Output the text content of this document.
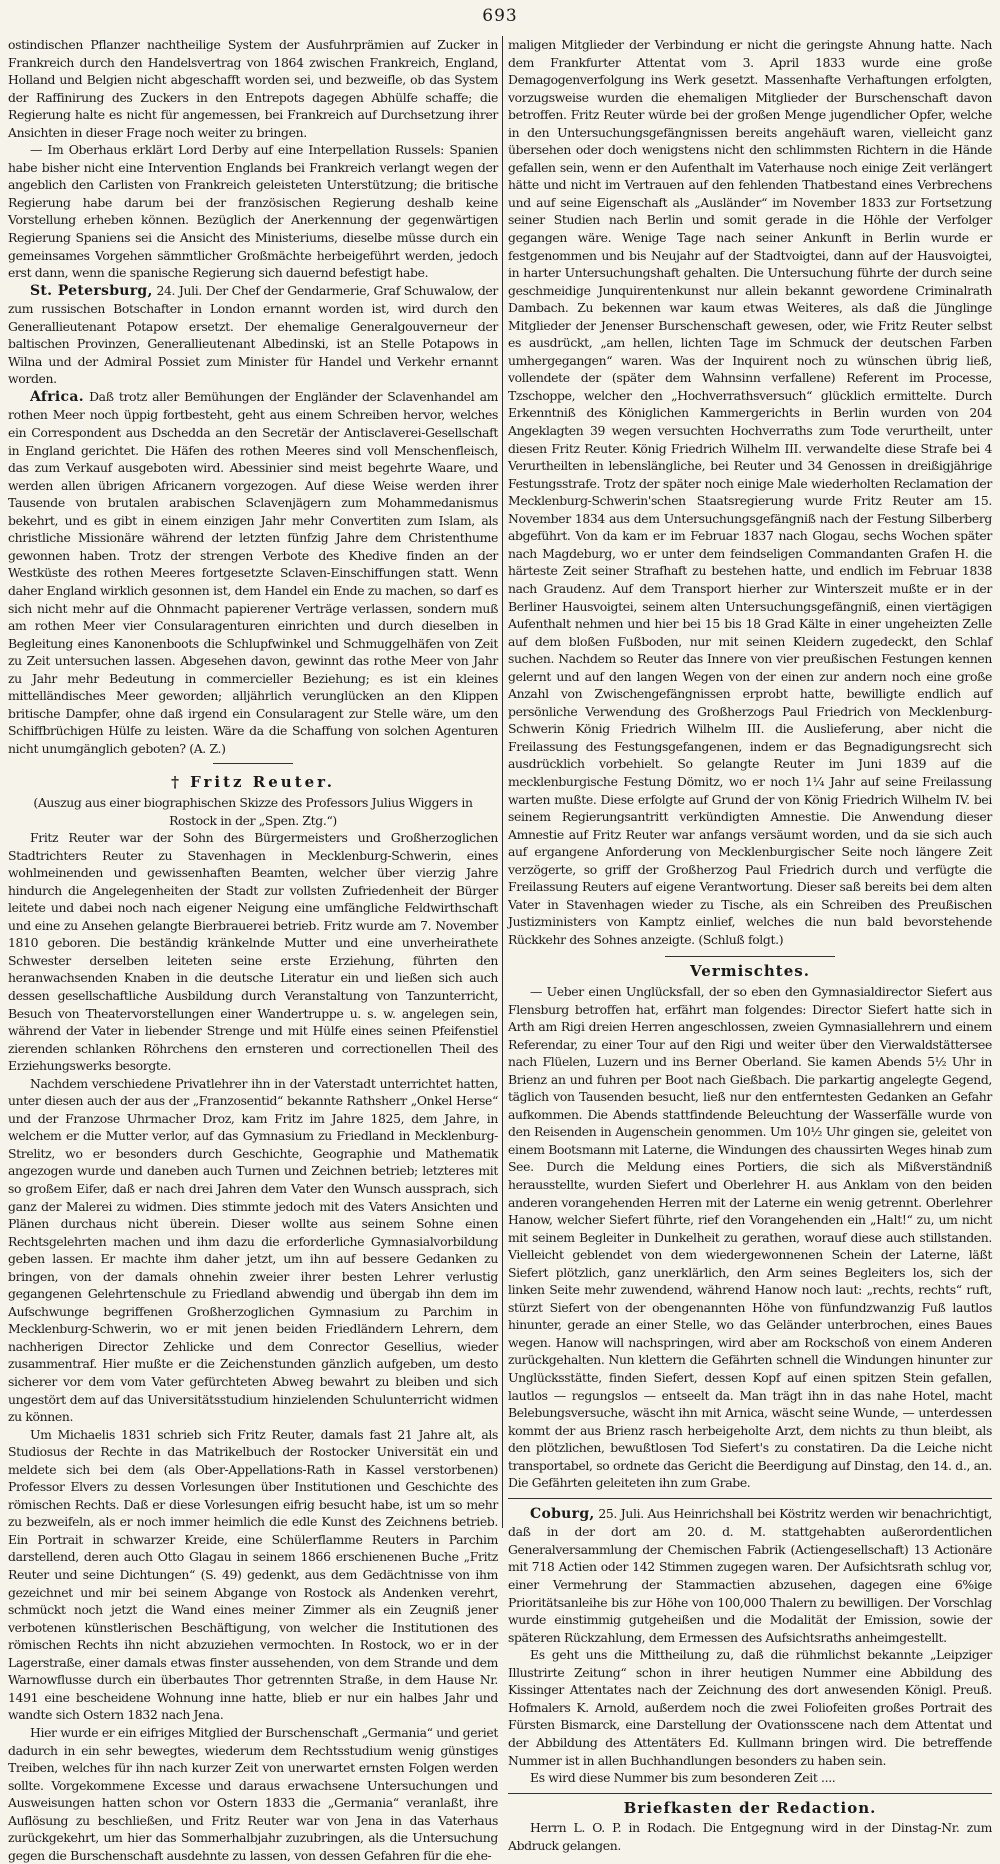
693

ostindischen Pflanzer nachtheilige System der Ausfuhrprämien auf Zucker in Frankreich durch den Handelsvertrag von 1864 zwischen Frankreich, England, Holland und Belgien nicht abgeschafft worden sei, und bezweifle, ob das System der Raffinirung des Zuckers in den Entrepots dagegen Abhülfe schaffe; die Regierung halte es nicht für angemessen, bei Frankreich auf Durchsetzung ihrer Ansichten in dieser Frage noch weiter zu bringen.

— Im Oberhaus erklärt Lord Derby auf eine Interpellation Russels: Spanien habe bisher nicht eine Intervention Englands bei Frankreich verlangt wegen der angeblich den Carlisten von Frankreich geleisteten Unterstützung; die britische Regierung habe darum bei der französischen Regierung deshalb keine Vorstellung erheben können. Bezüglich der Anerkennung der gegenwärtigen Regierung Spaniens sei die Ansicht des Ministeriums, dieselbe müsse durch ein gemeinsames Vorgehen sämmtlicher Großmächte herbeigeführt werden, jedoch erst dann, wenn die spanische Regierung sich dauernd befestigt habe.

St. Petersburg, 24. Juli. Der Chef der Gendarmerie, Graf Schuwalow, der zum russischen Botschafter in London ernannt worden ist, wird durch den Generallieutenant Potapow ersetzt. Der ehemalige Generalgouverneur der baltischen Provinzen, Generallieutenant Albedinski, ist an Stelle Potapows in Wilna und der Admiral Possiet zum Minister für Handel und Verkehr ernannt worden.

Africa. Daß trotz aller Bemühungen der Engländer der Sclavenhandel am rothen Meer noch üppig fortbesteht, geht aus einem Schreiben hervor, welches ein Correspondent aus Dschedda an den Secretär der Antisclaverei-Gesellschaft in England gerichtet. Die Häfen des rothen Meeres sind voll Menschenfleisch, das zum Verkauf ausgeboten wird. Abessinier sind meist begehrte Waare, und werden allen übrigen Africanern vorgezogen. Auf diese Weise werden ihrer Tausende von brutalen arabischen Sclavenjägern zum Mohammedanismus bekehrt, und es gibt in einem einzigen Jahr mehr Convertiten zum Islam, als christliche Missionäre während der letzten fünfzig Jahre dem Christenthume gewonnen haben. Trotz der strengen Verbote des Khedive finden an der Westküste des rothen Meeres fortgesetzte Sclaven-Einschiffungen statt. Wenn daher England wirklich gesonnen ist, dem Handel ein Ende zu machen, so darf es sich nicht mehr auf die Ohnmacht papierener Verträge verlassen, sondern muß am rothen Meer vier Consularagenturen einrichten und durch dieselben in Begleitung eines Kanonenboots die Schlupfwinkel und Schmuggelhäfen von Zeit zu Zeit untersuchen lassen. Abgesehen davon, gewinnt das rothe Meer von Jahr zu Jahr mehr Bedeutung in commercieller Beziehung; es ist ein kleines mittelländisches Meer geworden; alljährlich verunglücken an den Klippen britische Dampfer, ohne daß irgend ein Consularagent zur Stelle wäre, um den Schiffbrüchigen Hülfe zu leisten. Wäre da die Schaffung von solchen Agenturen nicht unumgänglich geboten? (A. Z.)

† Fritz Reuter.

(Auszug aus einer biographischen Skizze des Professors Julius Wiggers in Rostock in der „Spen. Ztg.“)

Fritz Reuter war der Sohn des Bürgermeisters und Großherzoglichen Stadtrichters Reuter zu Stavenhagen in Mecklenburg-Schwerin, eines wohlmeinenden und gewissenhaften Beamten, welcher über vierzig Jahre hindurch die Angelegenheiten der Stadt zur vollsten Zufriedenheit der Bürger leitete und dabei noch nach eigener Neigung eine umfängliche Feldwirthschaft und eine zu Ansehen gelangte Bierbrauerei betrieb. Fritz wurde am 7. November 1810 geboren. Die beständig kränkelnde Mutter und eine unverheirathete Schwester derselben leiteten seine erste Erziehung, führten den heranwachsenden Knaben in die deutsche Literatur ein und ließen sich auch dessen gesellschaftliche Ausbildung durch Veranstaltung von Tanzunterricht, Besuch von Theatervorstellungen einer Wandertruppe u. s. w. angelegen sein, während der Vater in liebender Strenge und mit Hülfe eines seinen Pfeifenstiel zierenden schlanken Röhrchens den ernsteren und correctionellen Theil des Erziehungswerks besorgte.

Nachdem verschiedene Privatlehrer ihn in der Vaterstadt unterrichtet hatten, unter diesen auch der aus der „Franzosentid“ bekannte Rathsherr „Onkel Herse“ und der Franzose Uhrmacher Droz, kam Fritz im Jahre 1825, dem Jahre, in welchem er die Mutter verlor, auf das Gymnasium zu Friedland in Mecklenburg-Strelitz, wo er besonders durch Geschichte, Geographie und Mathematik angezogen wurde und daneben auch Turnen und Zeichnen betrieb; letzteres mit so großem Eifer, daß er nach drei Jahren dem Vater den Wunsch aussprach, sich ganz der Malerei zu widmen. Dies stimmte jedoch mit des Vaters Ansichten und Plänen durchaus nicht überein. Dieser wollte aus seinem Sohne einen Rechtsgelehrten machen und ihm dazu die erforderliche Gymnasialvorbildung geben lassen. Er machte ihm daher jetzt, um ihn auf bessere Gedanken zu bringen, von der damals ohnehin zweier ihrer besten Lehrer verlustig gegangenen Gelehrtenschule zu Friedland abwendig und übergab ihn dem im Aufschwunge begriffenen Großherzoglichen Gymnasium zu Parchim in Mecklenburg-Schwerin, wo er mit jenen beiden Friedländern Lehrern, dem nachherigen Director Zehlicke und dem Conrector Gesellius, wieder zusammentraf. Hier mußte er die Zeichenstunden gänzlich aufgeben, um desto sicherer vor dem vom Vater gefürchteten Abweg bewahrt zu bleiben und sich ungestört dem auf das Universitätsstudium hinzielenden Schulunterricht widmen zu können.

Um Michaelis 1831 schrieb sich Fritz Reuter, damals fast 21 Jahre alt, als Studiosus der Rechte in das Matrikelbuch der Rostocker Universität ein und meldete sich bei dem (als Ober-Appellations-Rath in Kassel verstorbenen) Professor Elvers zu dessen Vorlesungen über Institutionen und Geschichte des römischen Rechts. Daß er diese Vorlesungen eifrig besucht habe, ist um so mehr zu bezweifeln, als er noch immer heimlich die edle Kunst des Zeichnens betrieb. Ein Portrait in schwarzer Kreide, eine Schülerflamme Reuters in Parchim darstellend, deren auch Otto Glagau in seinem 1866 erschienenen Buche „Fritz Reuter und seine Dichtungen“ (S. 49) gedenkt, aus dem Gedächtnisse von ihm gezeichnet und mir bei seinem Abgange von Rostock als Andenken verehrt, schmückt noch jetzt die Wand eines meiner Zimmer als ein Zeugniß jener verbotenen künstlerischen Beschäftigung, von welcher die Institutionen des römischen Rechts ihn nicht abzuziehen vermochten. In Rostock, wo er in der Lagerstraße, einer damals etwas finster aussehenden, von dem Strande und dem Warnowflusse durch ein überbautes Thor getrennten Straße, in dem Hause Nr. 1491 eine bescheidene Wohnung inne hatte, blieb er nur ein halbes Jahr und wandte sich Ostern 1832 nach Jena.

Hier wurde er ein eifriges Mitglied der Burschenschaft „Germania“ und geriet dadurch in ein sehr bewegtes, wiederum dem Rechtsstudium wenig günstiges Treiben, welches für ihn nach kurzer Zeit von unerwartet ernsten Folgen werden sollte. Vorgekommene Excesse und daraus erwachsene Untersuchungen und Ausweisungen hatten schon vor Ostern 1833 die „Germania“ veranlaßt, ihre Auflösung zu beschließen, und Fritz Reuter war von Jena in das Vaterhaus zurückgekehrt, um hier das Sommerhalbjahr zuzubringen, als die Untersuchung gegen die Burschenschaft ausdehnte zu lassen, von dessen Gefahren für die ehe-

maligen Mitglieder der Verbindung er nicht die geringste Ahnung hatte. Nach dem Frankfurter Attentat vom 3. April 1833 wurde eine große Demagogenverfolgung ins Werk gesetzt. Massenhafte Verhaftungen erfolgten, vorzugsweise wurden die ehemaligen Mitglieder der Burschenschaft davon betroffen. Fritz Reuter würde bei der großen Menge jugendlicher Opfer, welche in den Untersuchungsgefängnissen bereits angehäuft waren, vielleicht ganz übersehen oder doch wenigstens nicht den schlimmsten Richtern in die Hände gefallen sein, wenn er den Aufenthalt im Vaterhause noch einige Zeit verlängert hätte und nicht im Vertrauen auf den fehlenden Thatbestand eines Verbrechens und auf seine Eigenschaft als „Ausländer“ im November 1833 zur Fortsetzung seiner Studien nach Berlin und somit gerade in die Höhle der Verfolger gegangen wäre. Wenige Tage nach seiner Ankunft in Berlin wurde er festgenommen und bis Neujahr auf der Stadtvoigtei, dann auf der Hausvoigtei, in harter Untersuchungshaft gehalten. Die Untersuchung führte der durch seine geschmeidige Junquirentenkunst nur allein bekannt gewordene Criminalrath Dambach. Zu bekennen war kaum etwas Weiteres, als daß die Jünglinge Mitglieder der Jenenser Burschenschaft gewesen, oder, wie Fritz Reuter selbst es ausdrückt, „am hellen, lichten Tage im Schmuck der deutschen Farben umhergegangen“ waren. Was der Inquirent noch zu wünschen übrig ließ, vollendete der (später dem Wahnsinn verfallene) Referent im Processe, Tzschoppe, welcher den „Hochverrathsversuch“ glücklich ermittelte. Durch Erkenntniß des Königlichen Kammergerichts in Berlin wurden von 204 Angeklagten 39 wegen versuchten Hochverraths zum Tode verurtheilt, unter diesen Fritz Reuter. König Friedrich Wilhelm III. verwandelte diese Strafe bei 4 Verurtheilten in lebenslängliche, bei Reuter und 34 Genossen in dreißigjährige Festungsstrafe. Trotz der später noch einige Male wiederholten Reclamation der Mecklenburg-Schwerin'schen Staatsregierung wurde Fritz Reuter am 15. November 1834 aus dem Untersuchungsgefängniß nach der Festung Silberberg abgeführt. Von da kam er im Februar 1837 nach Glogau, sechs Wochen später nach Magdeburg, wo er unter dem feindseligen Commandanten Grafen H. die härteste Zeit seiner Strafhaft zu bestehen hatte, und endlich im Februar 1838 nach Graudenz. Auf dem Transport hierher zur Winterszeit mußte er in der Berliner Hausvoigtei, seinem alten Untersuchungsgefängniß, einen viertägigen Aufenthalt nehmen und hier bei 15 bis 18 Grad Kälte in einer ungeheizten Zelle auf dem bloßen Fußboden, nur mit seinen Kleidern zugedeckt, den Schlaf suchen. Nachdem so Reuter das Innere von vier preußischen Festungen kennen gelernt und auf den langen Wegen von der einen zur andern noch eine große Anzahl von Zwischengefängnissen erprobt hatte, bewilligte endlich auf persönliche Verwendung des Großherzogs Paul Friedrich von Mecklenburg-Schwerin König Friedrich Wilhelm III. die Auslieferung, aber nicht die Freilassung des Festungsgefangenen, indem er das Begnadigungsrecht sich ausdrücklich vorbehielt. So gelangte Reuter im Juni 1839 auf die mecklenburgische Festung Dömitz, wo er noch 1¼ Jahr auf seine Freilassung warten mußte. Diese erfolgte auf Grund der von König Friedrich Wilhelm IV. bei seinem Regierungsantritt verkündigten Amnestie. Die Anwendung dieser Amnestie auf Fritz Reuter war anfangs versäumt worden, und da sie sich auch auf ergangene Anforderung von Mecklenburgischer Seite noch längere Zeit verzögerte, so griff der Großherzog Paul Friedrich durch und verfügte die Freilassung Reuters auf eigene Verantwortung. Dieser saß bereits bei dem alten Vater in Stavenhagen wieder zu Tische, als ein Schreiben des Preußischen Justizministers von Kamptz einlief, welches die nun bald bevorstehende Rückkehr des Sohnes anzeigte. (Schluß folgt.)

Vermischtes.

— Ueber einen Unglücksfall, der so eben den Gymnasialdirector Siefert aus Flensburg betroffen hat, erfährt man folgendes: Director Siefert hatte sich in Arth am Rigi dreien Herren angeschlossen, zweien Gymnasiallehrern und einem Referendar, zu einer Tour auf den Rigi und weiter über den Vierwaldstättersee nach Flüelen, Luzern und ins Berner Oberland. Sie kamen Abends 5½ Uhr in Brienz an und fuhren per Boot nach Gießbach. Die parkartig angelegte Gegend, täglich von Tausenden besucht, ließ nur den entferntesten Gedanken an Gefahr aufkommen. Die Abends stattfindende Beleuchtung der Wasserfälle wurde von den Reisenden in Augenschein genommen. Um 10½ Uhr gingen sie, geleitet von einem Bootsmann mit Laterne, die Windungen des chaussirten Weges hinab zum See. Durch die Meldung eines Portiers, die sich als Mißverständniß herausstellte, wurden Siefert und Oberlehrer H. aus Anklam von den beiden anderen vorangehenden Herren mit der Laterne ein wenig getrennt. Oberlehrer Hanow, welcher Siefert führte, rief den Vorangehenden ein „Halt!“ zu, um nicht mit seinem Begleiter in Dunkelheit zu gerathen, worauf diese auch stillstanden. Vielleicht geblendet von dem wiedergewonnenen Schein der Laterne, läßt Siefert plötzlich, ganz unerklärlich, den Arm seines Begleiters los, sich der linken Seite mehr zuwendend, während Hanow noch laut: „rechts, rechts“ ruft, stürzt Siefert von der obengenannten Höhe von fünfundzwanzig Fuß lautlos hinunter, gerade an einer Stelle, wo das Geländer unterbrochen, eines Baues wegen. Hanow will nachspringen, wird aber am Rockschoß von einem Anderen zurückgehalten. Nun klettern die Gefährten schnell die Windungen hinunter zur Unglücksstätte, finden Siefert, dessen Kopf auf einen spitzen Stein gefallen, lautlos — regungslos — entseelt da. Man trägt ihn in das nahe Hotel, macht Belebungsversuche, wäscht ihn mit Arnica, wäscht seine Wunde, — unterdessen kommt der aus Brienz rasch herbeigeholte Arzt, dem nichts zu thun bleibt, als den plötzlichen, bewußtlosen Tod Siefert's zu constatiren. Da die Leiche nicht transportabel, so ordnete das Gericht die Beerdigung auf Dinstag, den 14. d., an. Die Gefährten geleiteten ihn zum Grabe.

Coburg, 25. Juli. Aus Heinrichshall bei Köstritz werden wir benachrichtigt, daß in der dort am 20. d. M. stattgehabten außerordentlichen Generalversammlung der Chemischen Fabrik (Actiengesellschaft) 13 Actionäre mit 718 Actien oder 142 Stimmen zugegen waren. Der Aufsichtsrath schlug vor, einer Vermehrung der Stammactien abzusehen, dagegen eine 6%ige Prioritätsanleihe bis zur Höhe von 100,000 Thalern zu bewilligen. Der Vorschlag wurde einstimmig gutgeheißen und die Modalität der Emission, sowie der späteren Rückzahlung, dem Ermessen des Aufsichtsraths anheimgestellt.

Es geht uns die Mittheilung zu, daß die rühmlichst bekannte „Leipziger Illustrirte Zeitung“ schon in ihrer heutigen Nummer eine Abbildung des Kissinger Attentates nach der Zeichnung des dort anwesenden Königl. Preuß. Hofmalers K. Arnold, außerdem noch die zwei Foliofeiten großes Portrait des Fürsten Bismarck, eine Darstellung der Ovationsscene nach dem Attentat und der Abbildung des Attentäters Ed. Kullmann bringen wird. Die betreffende Nummer ist in allen Buchhandlungen besonders zu haben sein.

Es wird diese Nummer bis zum besonderen Zeit ....

Briefkasten der Redaction.

Herrn L. O. P. in Rodach. Die Entgegnung wird in der Dinstag-Nr. zum Abdruck gelangen.
